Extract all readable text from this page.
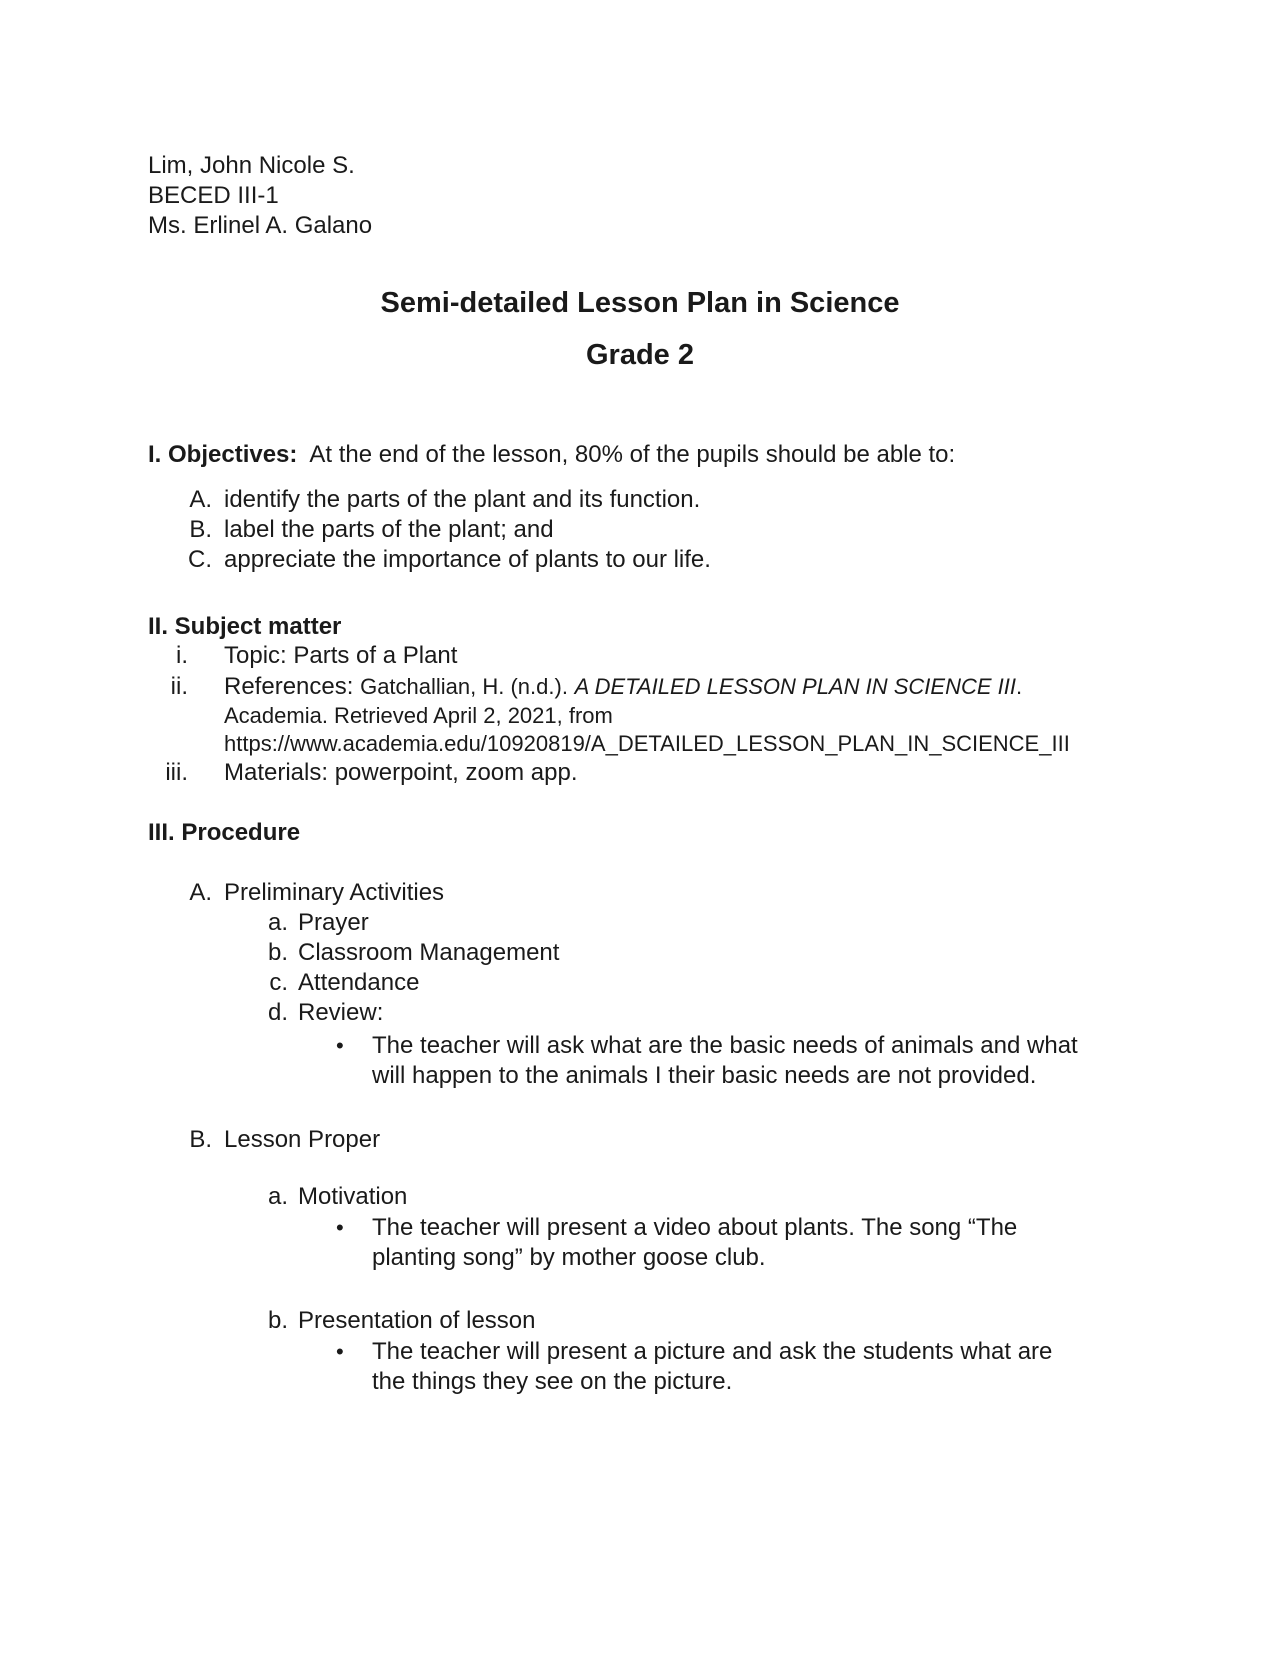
Lim, John Nicole S.
BECED III-1
Ms. Erlinel A. Galano
Semi-detailed Lesson Plan in Science
Grade 2
I. Objectives: At the end of the lesson, 80% of the pupils should be able to:
A. identify the parts of the plant and its function.
B. label the parts of the plant; and
C. appreciate the importance of plants to our life.
II. Subject matter
i. Topic: Parts of a Plant
ii. References: Gatchallian, H. (n.d.). A DETAILED LESSON PLAN IN SCIENCE III.
Academia. Retrieved April 2, 2021, from
https://www.academia.edu/10920819/A_DETAILED_LESSON_PLAN_IN_SCIENCE_III
iii. Materials: powerpoint, zoom app.
III. Procedure
A. Preliminary Activities
a. Prayer
b. Classroom Management
c. Attendance
d. Review:
• The teacher will ask what are the basic needs of animals and what
will happen to the animals I their basic needs are not provided.
B. Lesson Proper
a. Motivation
• The teacher will present a video about plants. The song “The
planting song” by mother goose club.
b. Presentation of lesson
• The teacher will present a picture and ask the students what are
the things they see on the picture.
